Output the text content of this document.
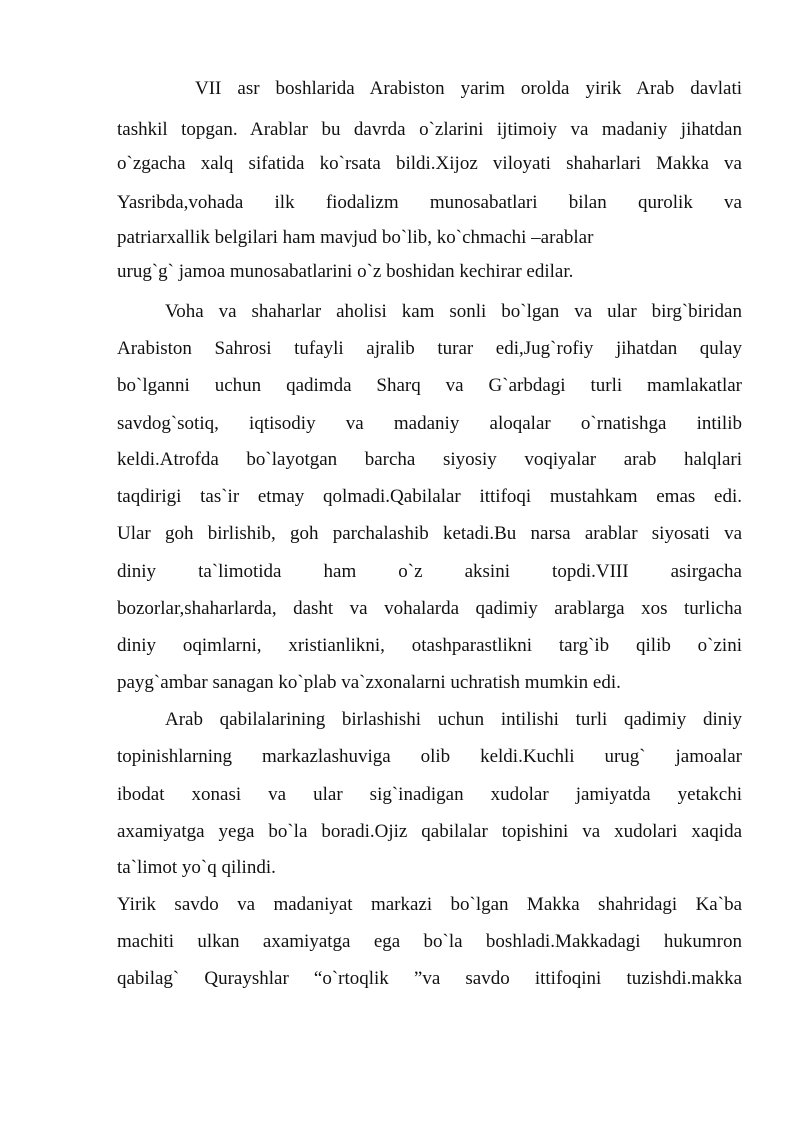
VII asr boshlarida Arabiston yarim orolda yirik Arab davlati
tashkil topgan. Arablar bu davrda o`zlarini ijtimoiy va madaniy jihatdan
o`zgacha xalq sifatida ko`rsata bildi.Xijoz viloyati shaharlari Makka va
Yasribda,vohada ilk fiodalizm munosabatlari bilan qurolik va
patriarxallik belgilari ham mavjud bo`lib, ko`chmachi –arablar
urug`g` jamoa munosabatlarini o`z boshidan kechirar edilar.
Voha va shaharlar aholisi kam sonli bo`lgan va ular birg`biridan
Arabiston Sahrosi tufayli ajralib turar edi,Jug`rofiy jihatdan qulay
bo`lganni uchun qadimda Sharq va G`arbdagi turli mamlakatlar
savdog`sotiq, iqtisodiy va madaniy aloqalar o`rnatishga intilib
keldi.Atrofda bo`layotgan barcha siyosiy voqiyalar arab halqlari
taqdirigi tas`ir etmay qolmadi.Qabilalar ittifoqi mustahkam emas edi.
Ular goh birlishib, goh parchalashib ketadi.Bu narsa arablar siyosati va
diniy ta`limotida ham o`z aksini topdi.VIII asirgacha
bozorlar,shaharlarda, dasht va vohalarda qadimiy arablarga xos turlicha
diniy oqimlarni, xristianlikni, otashparastlikni targ`ib qilib o`zini
payg`ambar sanagan ko`plab va`zxonalarni uchratish mumkin edi.
Arab qabilalarining birlashishi uchun intilishi turli qadimiy diniy
topinishlarning markazlashuviga olib keldi.Kuchli urug` jamoalar
ibodat xonasi va ular sig`inadigan xudolar jamiyatda yetakchi
axamiyatga yega bo`la boradi.Ojiz qabilalar topishini va xudolari xaqida
ta`limot yo`q qilindi.
Yirik savdo va madaniyat markazi bo`lgan Makka shahridagi Ka`ba
machiti ulkan axamiyatga ega bo`la boshladi.Makkadagi hukumron
qabilag` Qurayshlar “o`rtoqlik ”va savdo ittifoqini tuzishdi.makka
